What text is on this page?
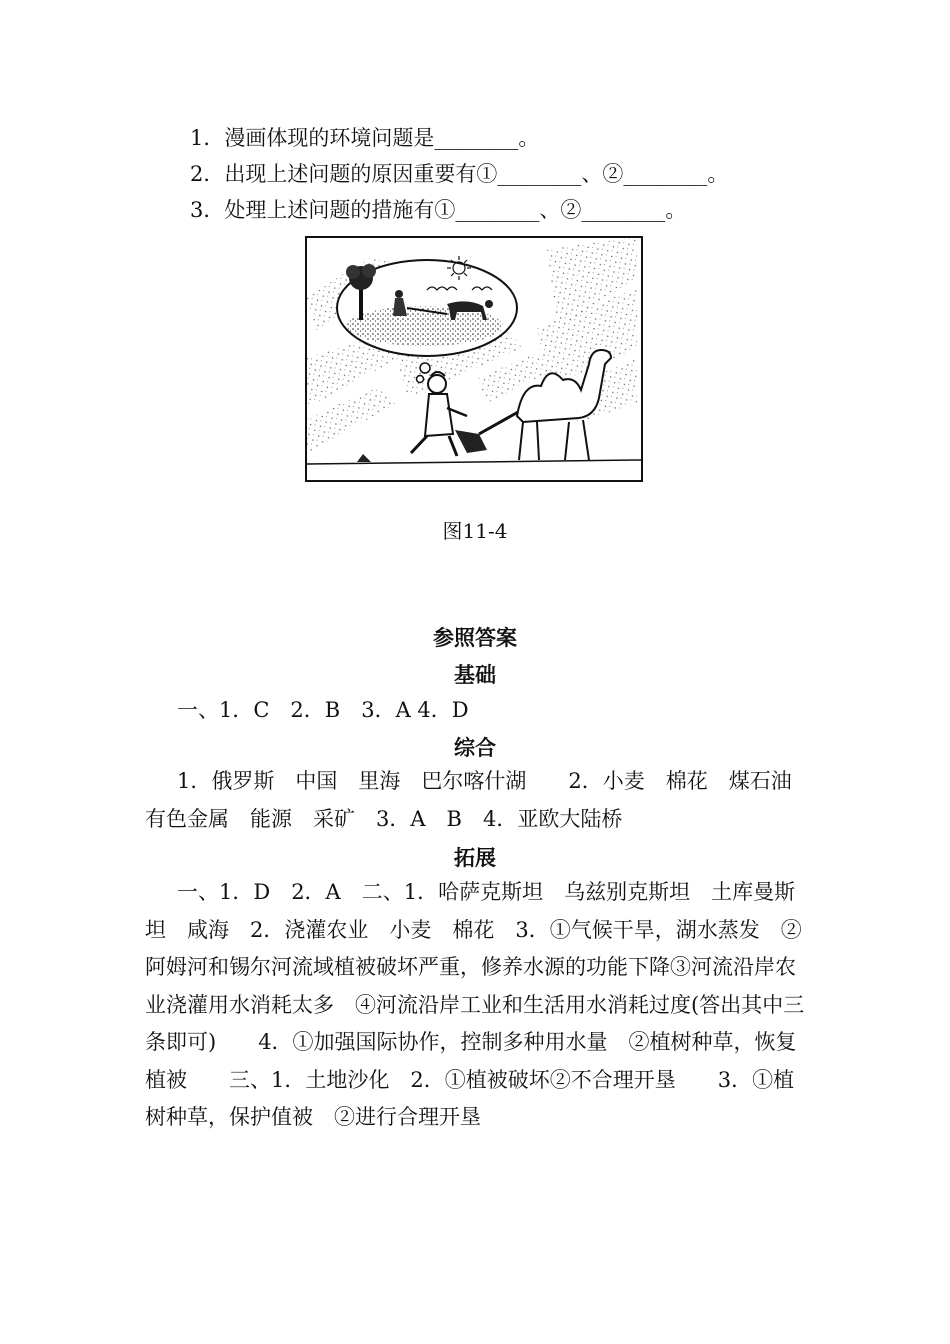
1．漫画体现的环境问题是________。
2．出现上述问题的原因重要有①________、②________。
3．处理上述问题的措施有①________、②________。
图11-4
参照答案
基础
一、1．C　2．B　3．A 4．D
综合
1．俄罗斯　中国　里海　巴尔喀什湖　　2．小麦　棉花　煤石油　有色金属　能源　采矿　3．A　B　4．亚欧大陆桥
拓展
一、1．D　2．A　二、1．哈萨克斯坦　乌兹别克斯坦　土库曼斯坦　咸海　2．浇灌农业　小麦　棉花　3．①气候干旱，湖水蒸发　②阿姆河和锡尔河流域植被破坏严重，修养水源的功能下降③河流沿岸农业浇灌用水消耗太多　④河流沿岸工业和生活用水消耗过度(答出其中三条即可)　　4．①加强国际协作，控制多种用水量　②植树种草，恢复植被　　三、1．土地沙化　2．①植被破坏②不合理开垦　　3．①植树种草，保护值被　②进行合理开垦
